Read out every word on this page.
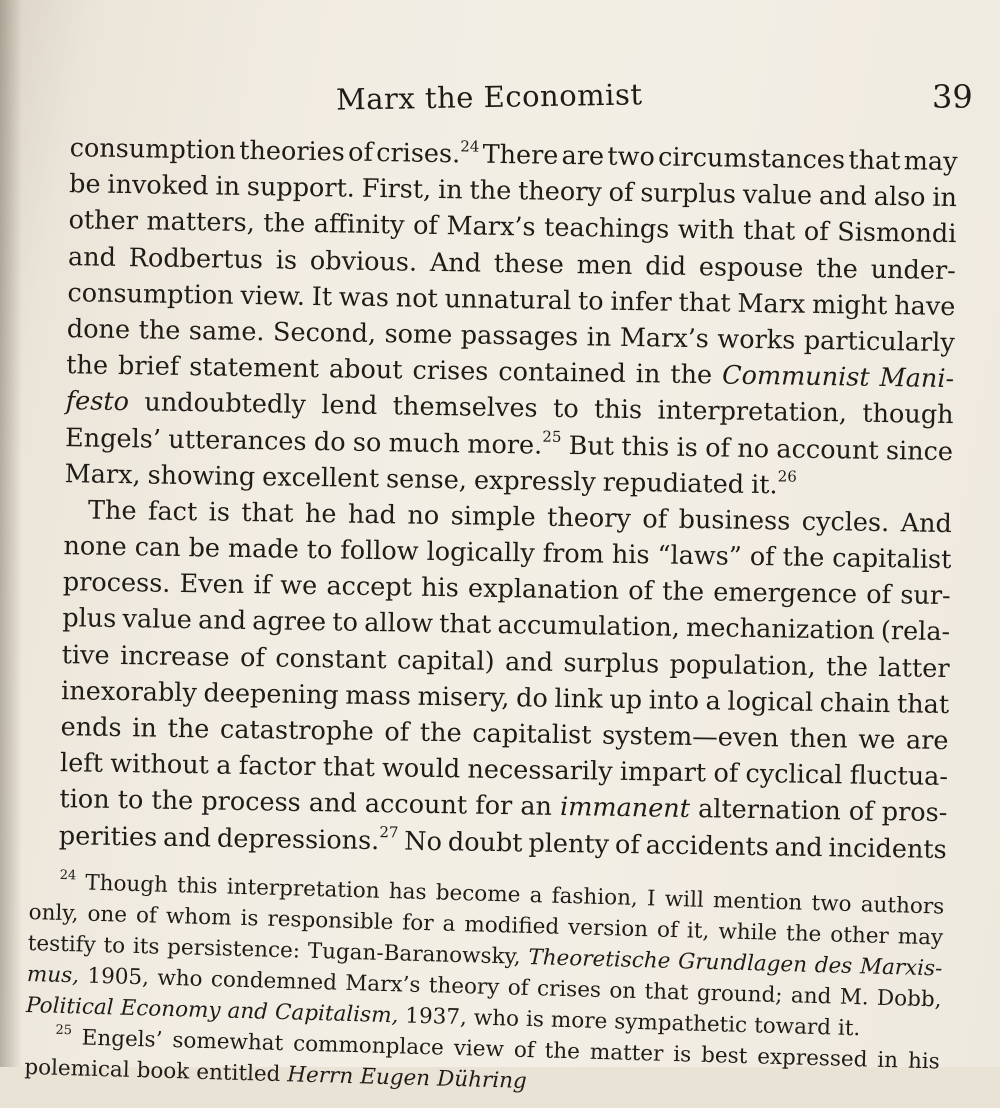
Marx the Economist	39
consumption theories of crises.$^{24}$ There are two circumstances that may
be invoked in support. First, in the theory of surplus value and also in
other matters, the affinity of Marx’s teachings with that of Sismondi
and Rodbertus is obvious. And these men did espouse the under-
consumption view. It was not unnatural to infer that Marx might have
done the same. Second, some passages in Marx’s works particularly
the brief statement about crises contained in the Communist Mani-
festo undoubtedly lend themselves to this interpretation, though
Engels’ utterances do so much more.$^{25}$ But this is of no account since
Marx, showing excellent sense, expressly repudiated it.$^{26}$
The fact is that he had no simple theory of business cycles. And
none can be made to follow logically from his “laws” of the capitalist
process. Even if we accept his explanation of the emergence of sur-
plus value and agree to allow that accumulation, mechanization (rela-
tive increase of constant capital) and surplus population, the latter
inexorably deepening mass misery, do link up into a logical chain that
ends in the catastrophe of the capitalist system—even then we are
left without a factor that would necessarily impart of cyclical fluctua-
tion to the process and account for an immanent alternation of pros-
perities and depressions.$^{27}$ No doubt plenty of accidents and incidents
$^{24}$ Though this interpretation has become a fashion, I will mention two authors
only, one of whom is responsible for a modified version of it, while the other may
testify to its persistence: Tugan-Baranowsky, Theoretische Grundlagen des Marxis-
mus, 1905, who condemned Marx’s theory of crises on that ground; and M. Dobb,
Political Economy and Capitalism, 1937, who is more sympathetic toward it.
$^{25}$ Engels’ somewhat commonplace view of the matter is best expressed in his
polemical book entitled Herrn Eugen Dühring
